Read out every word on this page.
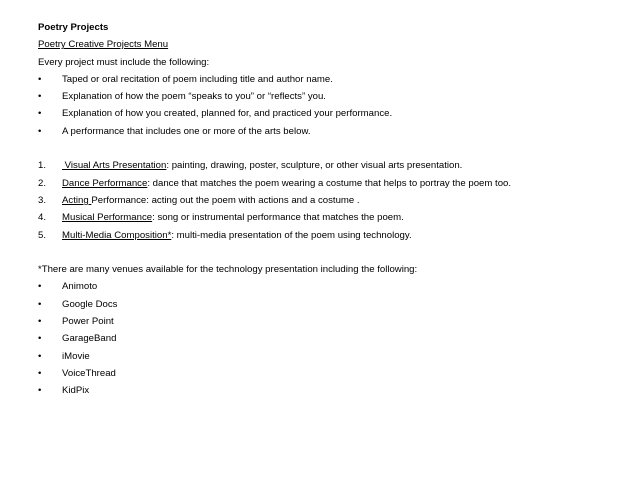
Poetry Projects
Poetry Creative Projects Menu
Every project must include the following:
• Taped or oral recitation of poem including title and author name.
• Explanation of how the poem “speaks to you” or “reflects” you.
• Explanation of how you created, planned for, and practiced your performance.
• A performance that includes one or more of the arts below.
1. Visual Arts Presentation: painting, drawing, poster, sculpture, or other visual arts presentation.
2. Dance Performance: dance that matches the poem wearing a costume that helps to portray the poem too.
3. Acting Performance: acting out the poem with actions and a costume .
4. Musical Performance: song or instrumental performance that matches the poem.
5. Multi-Media Composition*: multi-media presentation of the poem using technology.
*There are many venues available for the technology presentation including the following:
• Animoto
• Google Docs
• Power Point
• GarageBand
• iMovie
• VoiceThread
• KidPix
